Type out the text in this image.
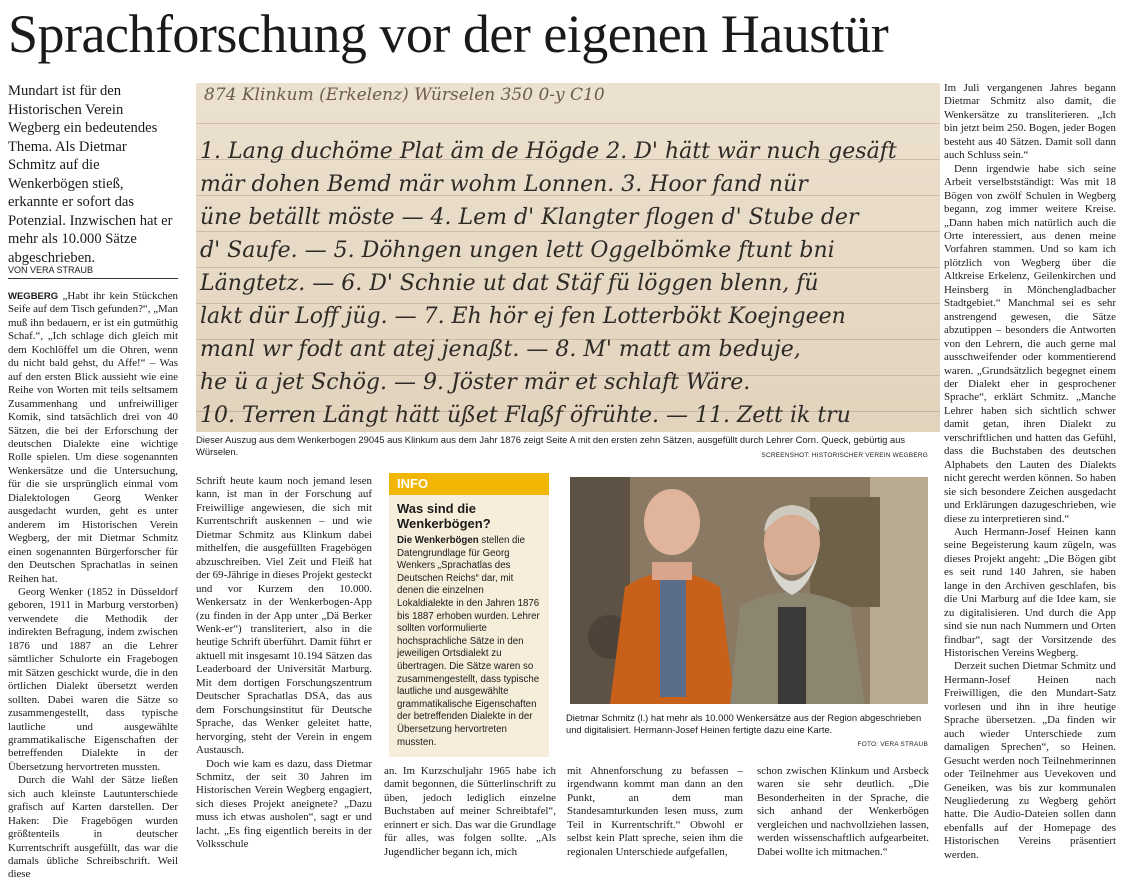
Sprachforschung vor der eigenen Haustür
Mundart ist für den Historischen Verein Wegberg ein bedeutendes Thema. Als Dietmar Schmitz auf die Wenkerbögen stieß, erkannte er sofort das Potenzial. Inzwischen hat er mehr als 10.000 Sätze abgeschrieben.
VON VERA STRAUB

WEGBERG „Habt ihr kein Stückchen Seife auf dem Tisch gefunden?“, „Man muß ihn bedauern, er ist ein gutmüthig Schaf.“, „Ich schlage dich gleich mit dem Kochlöffel um die Ohren, wenn du nicht bald gehst, du Affe!“ – Was auf den ersten Blick aussieht wie eine Reihe von Worten mit teils seltsamem Zusammenhang und unfreiwilliger Komik, sind tatsächlich drei von 40 Sätzen, die bei der Erforschung der deutschen Dialekte eine wichtige Rolle spielen. Um diese sogenannten Wenkersätze und die Untersuchung, für die sie ursprünglich einmal vom Dialektologen Georg Wenker ausgedacht wurden, geht es unter anderem im Historischen Verein Wegberg, der mit Dietmar Schmitz einen sogenannten Bürgerforscher für den Deutschen Sprachatlas in seinen Reihen hat.

Georg Wenker (1852 in Düsseldorf geboren, 1911 in Marburg verstorben) verwendete die Methodik der indirekten Befragung, indem zwischen 1876 und 1887 an die Lehrer sämtlicher Schulorte ein Fragebogen mit Sätzen geschickt wurde, die in den örtlichen Dialekt übersetzt werden sollten. Dabei waren die Sätze so zusammengestellt, dass typische lautliche und ausgewählte grammatikalische Eigenschaften der betreffenden Dialekte in der Übersetzung hervortreten mussten.

Durch die Wahl der Sätze ließen sich auch kleinste Lautunterschiede grafisch auf Karten darstellen. Der Haken: Die Fragebögen wurden größtenteils in deutscher Kurrentschrift ausgefüllt, das war die damals übliche Schreibschrift. Weil diese

874 Klinkum (Erkelenz) Würselen 350 0-y C10
1. Lang duchöme Plat äm de Högde 2. D' hätt wär nuch gesäft
mär dohen Bemd mär wohm Lonnen. 3. Hoor fand nür
üne betällt möste — 4. Lem d' Klangter flogen d' Stube der
d' Saufe. — 5. Döhngen ungen lett Oggelbömke ftunt bni
Längtetz. — 6. D' Schnie ut dat Stäf fü löggen blenn, fü
lakt dür Loff jüg. — 7. Eh hör ej fen Lotterbökt Koejngeen
manl wr fodt ant atej jenaßt. — 8. M' matt am beduje,
he ü a jet Schög. — 9. Jöster mär et schlaft Wäre.
10. Terren Längt hätt üßet Flaßf öfrühte. — 11. Zett ik tru
Dieser Auszug aus dem Wenkerbogen 29045 aus Klinkum aus dem Jahr 1876 zeigt Seite A mit den ersten zehn Sätzen, ausgefüllt durch Lehrer Corn. Queck, gebürtig aus Würselen.	SCREENSHOT: HISTORISCHER VEREIN WEGBERG

Schrift heute kaum noch jemand lesen kann, ist man in der Forschung auf Freiwillige angewiesen, die sich mit Kurrentschrift auskennen – und wie Dietmar Schmitz aus Klinkum dabei mithelfen, die ausgefüllten Fragebögen abzuschreiben. Viel Zeit und Fleiß hat der 69-Jährige in dieses Projekt gesteckt und vor Kurzem den 10.000. Wenkersatz in der Wenkerbogen-App (zu finden in der App unter „Dä Berker Wenk-er“) transliteriert, also in die heutige Schrift überführt. Damit führt er aktuell mit insgesamt 10.194 Sätzen das Leaderboard der Universität Marburg. Mit dem dortigen Forschungszentrum Deutscher Sprachatlas DSA, das aus dem Forschungsinstitut für Deutsche Sprache, das Wenker geleitet hatte, hervorging, steht der Verein in engem Austausch.

Doch wie kam es dazu, dass Dietmar Schmitz, der seit 30 Jahren im Historischen Verein Wegberg engagiert, sich dieses Projekt aneignete? „Dazu muss ich etwas ausholen“, sagt er und lacht. „Es fing eigentlich bereits in der Volksschule

INFO
Was sind die Wenkerbögen?
Die Wenkerbögen stellen die Datengrundlage für Georg Wenkers „Sprachatlas des Deutschen Reichs“ dar, mit denen die einzelnen Lokaldialekte in den Jahren 1876 bis 1887 erhoben wurden. Lehrer sollten vorformulierte hochsprachliche Sätze in den jeweiligen Ortsdialekt zu übertragen. Die Sätze waren so zusammengestellt, dass typische lautliche und ausgewählte grammatikalische Eigenschaften der betreffenden Dialekte in der Übersetzung hervortreten mussten.

an. Im Kurzschuljahr 1965 habe ich damit begonnen, die Sütterlinschrift zu üben, jedoch lediglich einzelne Buchstaben auf meiner Schreibtafel“, erinnert er sich. Das war die Grundlage für alles, was folgen sollte. „Als Jugendlicher begann ich, mich

Dietmar Schmitz (l.) hat mehr als 10.000 Wenkersätze aus der Region abgeschrieben und digitalisiert. Hermann-Josef Heinen fertigte dazu eine Karte.
FOTO: VERA STRAUB

mit Ahnenforschung zu befassen – irgendwann kommt man dann an den Punkt, an dem man Standesamturkunden lesen muss, zum Teil in Kurrentschrift.“ Obwohl er selbst kein Platt spreche, seien ihm die regionalen Unterschiede aufgefallen,

schon zwischen Klinkum und Arsbeck waren sie sehr deutlich. „Die Besonderheiten in der Sprache, die sich anhand der Wenkerbögen vergleichen und nachvollziehen lassen, werden wissenschaftlich aufgearbeitet. Dabei wollte ich mitmachen.“

Im Juli vergangenen Jahres begann Dietmar Schmitz also damit, die Wenkersätze zu transliterieren. „Ich bin jetzt beim 250. Bogen, jeder Bogen besteht aus 40 Sätzen. Damit soll dann auch Schluss sein.“

Denn irgendwie habe sich seine Arbeit verselbstständigt: Was mit 18 Bögen von zwölf Schulen in Wegberg begann, zog immer weitere Kreise. „Dann haben mich natürlich auch die Orte interessiert, aus denen meine Vorfahren stammen. Und so kam ich plötzlich von Wegberg über die Altkreise Erkelenz, Geilenkirchen und Heinsberg in Mönchengladbacher Stadtgebiet.“ Manchmal sei es sehr anstrengend gewesen, die Sätze abzutippen – besonders die Antworten von den Lehrern, die auch gerne mal ausschweifender oder kommentierend waren. „Grundsätzlich begegnet einem der Dialekt eher in gesprochener Sprache“, erklärt Schmitz. „Manche Lehrer haben sich sichtlich schwer damit getan, ihren Dialekt zu verschriftlichen und hatten das Gefühl, dass die Buchstaben des deutschen Alphabets den Lauten des Dialekts nicht gerecht werden können. So haben sie sich besondere Zeichen ausgedacht und Erklärungen dazugeschrieben, wie diese zu interpretieren sind.“

Auch Hermann-Josef Heinen kann seine Begeisterung kaum zügeln, was dieses Projekt angeht: „Die Bögen gibt es seit rund 140 Jahren, sie haben lange in den Archiven geschlafen, bis die Uni Marburg auf die Idee kam, sie zu digitalisieren. Und durch die App sind sie nun nach Nummern und Orten findbar“, sagt der Vorsitzende des Historischen Vereins Wegberg.

Derzeit suchen Dietmar Schmitz und Hermann-Josef Heinen nach Freiwilligen, die den Mundart-Satz vorlesen und ihn in ihre heutige Sprache übersetzen. „Da finden wir auch wieder Unterschiede zum damaligen Sprechen“, so Heinen. Gesucht werden noch Teilnehmerinnen oder Teilnehmer aus Uevekoven und Geneiken, was bis zur kommunalen Neugliederung zu Wegberg gehört hatte. Die Audio-Dateien sollen dann ebenfalls auf der Homepage des Historischen Vereins präsentiert werden.
